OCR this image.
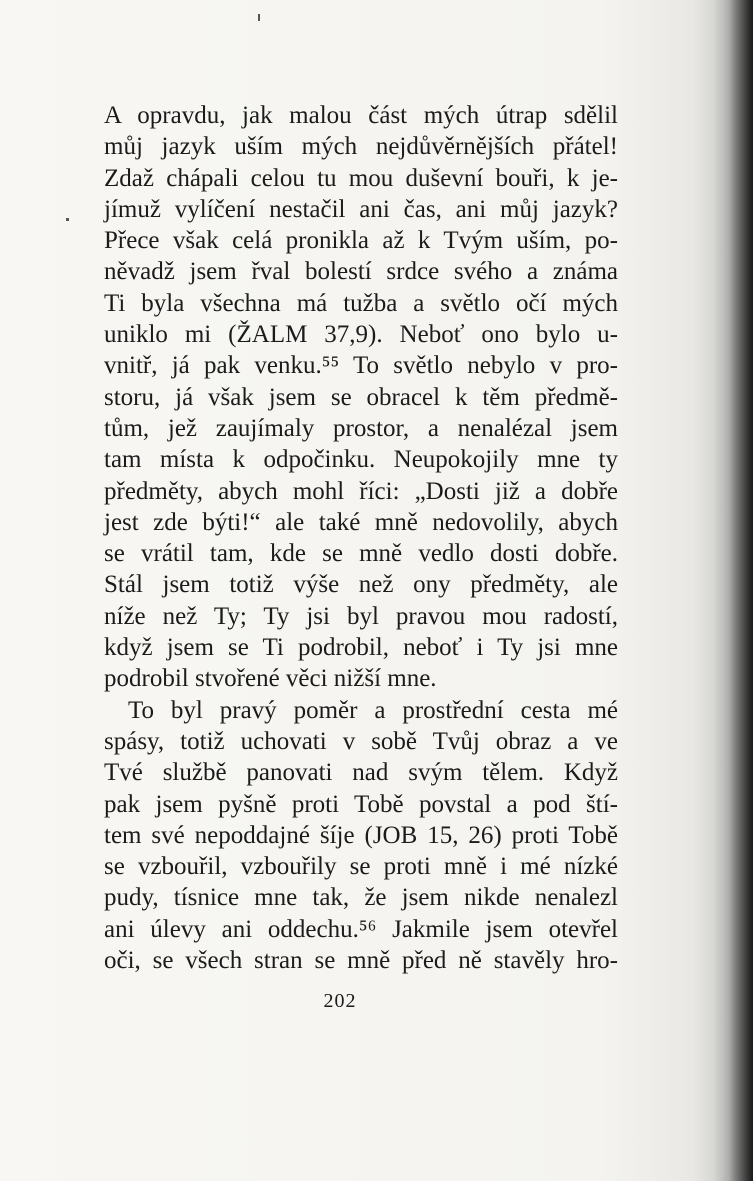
A opravdu, jak malou část mých útrap sdělil
můj jazyk uším mých nejdůvěrnějších přátel!
Zdaž chápali celou tu mou duševní bouři, k je-
jímuž vylíčení nestačil ani čas, ani můj jazyk?
Přece však celá pronikla až k Tvým uším, po-
něvadž jsem řval bolestí srdce svého a známa
Ti byla všechna má tužba a světlo očí mých
uniklo mi (ŽALM 37,9). Neboť ono bylo u-
vnitř, já pak venku.⁵⁵ To světlo nebylo v pro-
storu, já však jsem se obracel k těm předmě-
tům, jež zaujímaly prostor, a nenalézal jsem
tam místa k odpočinku. Neupokojily mne ty
předměty, abych mohl říci: „Dosti již a dobře
jest zde býti!“ ale také mně nedovolily, abych
se vrátil tam, kde se mně vedlo dosti dobře.
Stál jsem totiž výše než ony předměty, ale
níže než Ty; Ty jsi byl pravou mou radostí,
když jsem se Ti podrobil, neboť i Ty jsi mne
podrobil stvořené věci nižší mne.
To byl pravý poměr a prostřední cesta mé
spásy, totiž uchovati v sobě Tvůj obraz a ve
Tvé službě panovati nad svým tělem. Když
pak jsem pyšně proti Tobě povstal a pod ští-
tem své nepoddajné šíje (JOB 15, 26) proti Tobě
se vzbouřil, vzbouřily se proti mně i mé nízké
pudy, tísnice mne tak, že jsem nikde nenalezl
ani úlevy ani oddechu.⁵⁶ Jakmile jsem otevřel
oči, se všech stran se mně před ně stavěly hro-
202
